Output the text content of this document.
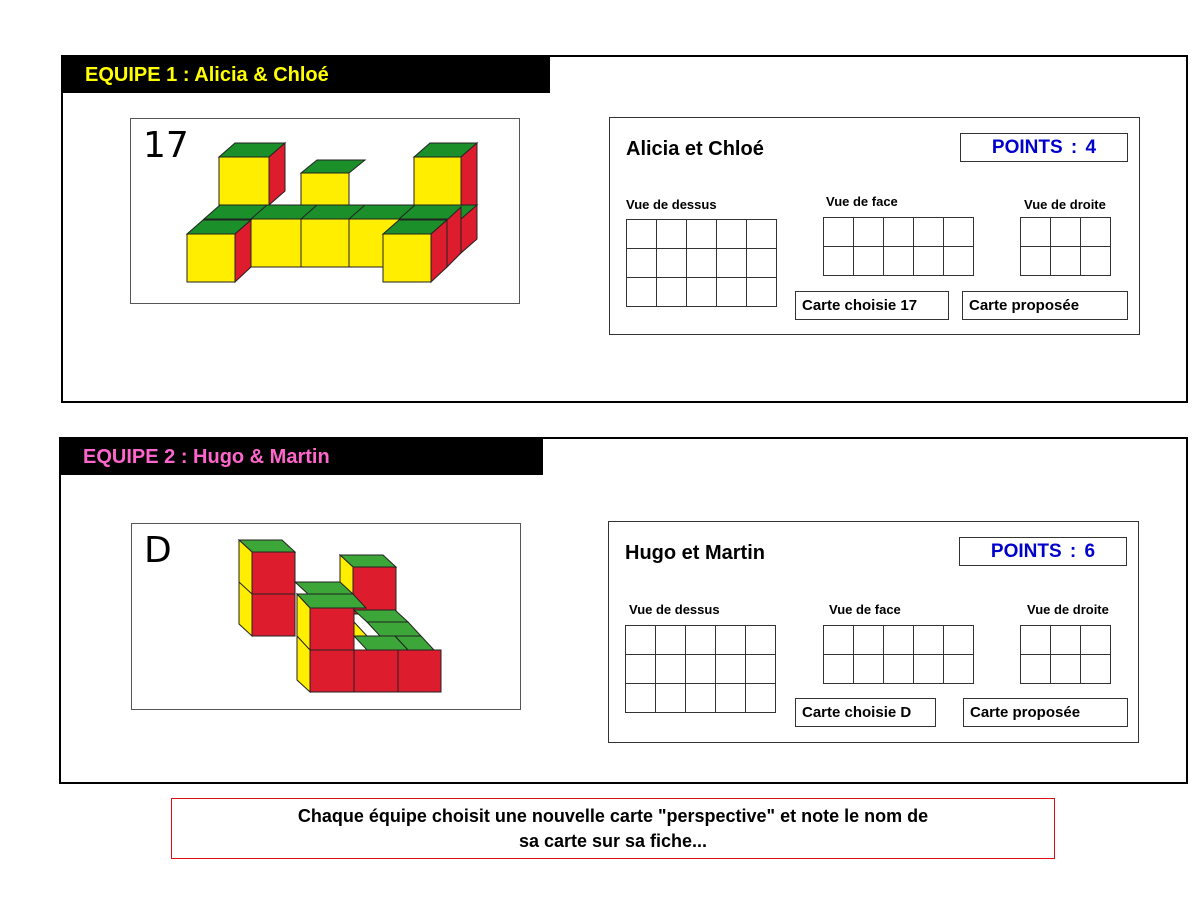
EQUIPE 1 : Alicia & Chloé
17	Alicia et Chloé	POINTS : 4
Vue de dessus

					Vue de face

					Vue de droite

Carte choisie 17	Carte proposée
EQUIPE 2 : Hugo & Martin
D	Hugo et Martin	POINTS : 6
Vue de dessus

					Vue de face

					Vue de droite

Carte choisie D	Carte proposée
Chaque équipe choisit une nouvelle carte "perspective" et note le nom de
sa carte sur sa fiche...
